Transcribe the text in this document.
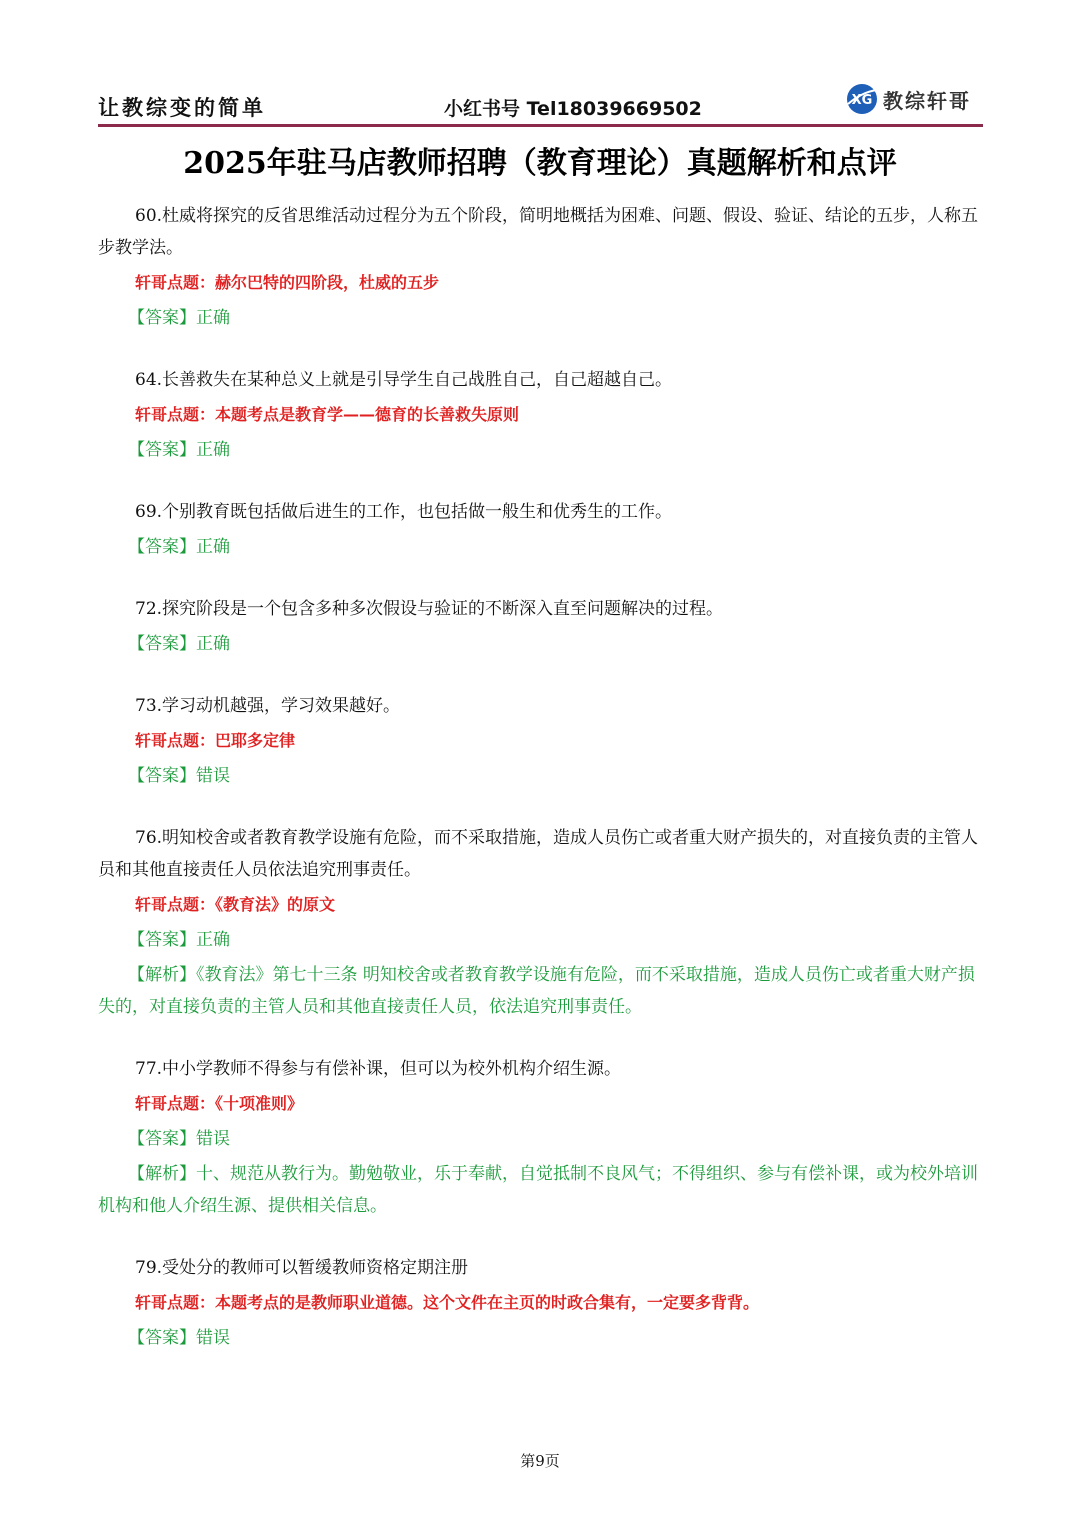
让教综变的简单	小红书号 Tel18039669502	XG 教综轩哥
2025年驻马店教师招聘（教育理论）真题解析和点评

60.杜威将探究的反省思维活动过程分为五个阶段，简明地概括为困难、问题、假设、验证、结论的五步，人称五步教学法。

轩哥点题：赫尔巴特的四阶段，杜威的五步

【答案】正确

64.长善救失在某种总义上就是引导学生自己战胜自己，自己超越自己。

轩哥点题：本题考点是教育学——德育的长善救失原则

【答案】正确

69.个别教育既包括做后进生的工作，也包括做一般生和优秀生的工作。

【答案】正确

72.探究阶段是一个包含多种多次假设与验证的不断深入直至问题解决的过程。

【答案】正确

73.学习动机越强，学习效果越好。

轩哥点题：巴耶多定律

【答案】错误

76.明知校舍或者教育教学设施有危险，而不采取措施，造成人员伤亡或者重大财产损失的，对直接负责的主管人员和其他直接责任人员依法追究刑事责任。

轩哥点题：《教育法》的原文

【答案】正确

【解析】《教育法》第七十三条 明知校舍或者教育教学设施有危险，而不采取措施，造成人员伤亡或者重大财产损失的，对直接负责的主管人员和其他直接责任人员，依法追究刑事责任。

77.中小学教师不得参与有偿补课，但可以为校外机构介绍生源。

轩哥点题：《十项准则》

【答案】错误

【解析】十、规范从教行为。勤勉敬业，乐于奉献，自觉抵制不良风气；不得组织、参与有偿补课，或为校外培训机构和他人介绍生源、提供相关信息。

79.受处分的教师可以暂缓教师资格定期注册

轩哥点题：本题考点的是教师职业道德。这个文件在主页的时政合集有，一定要多背背。

【答案】错误

第9页
